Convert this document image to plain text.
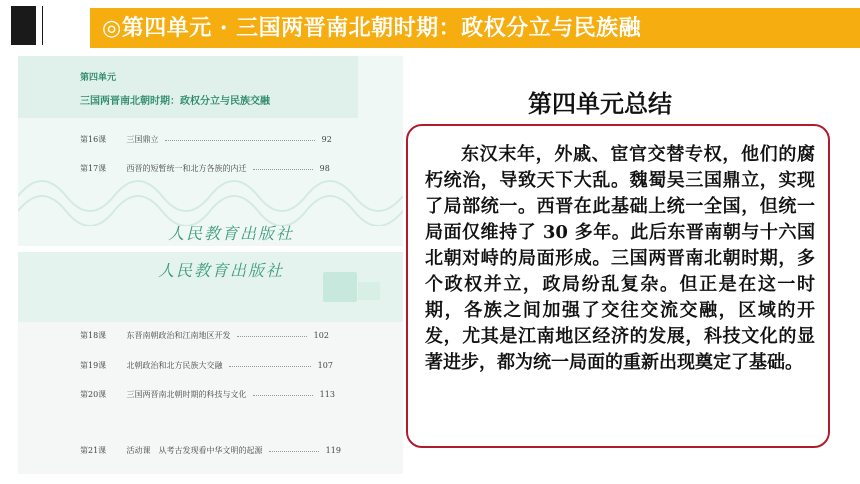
◎第四单元 · 三国两晋南北朝时期：政权分立与民族融
第四单元
三国两晋南北朝时期：政权分立与民族交融
第16课	三国鼎立	92
第17课	西晋的短暂统一和北方各族的内迁	98
人民教育出版社
人民教育出版社
第18课	东晋南朝政治和江南地区开发	102
第19课	北朝政治和北方民族大交融	107
第20课	三国两晋南北朝时期的科技与文化	113
第21课	活动课　从考古发现看中华文明的起源	119
第四单元总结
东汉末年，外戚、宦官交替专权，他们的腐朽统治，导致天下大乱。魏蜀吴三国鼎立，实现了局部统一。西晋在此基础上统一全国，但统一局面仅维持了 30 多年。此后东晋南朝与十六国北朝对峙的局面形成。三国两晋南北朝时期，多个政权并立，政局纷乱复杂。但正是在这一时期，各族之间加强了交往交流交融，区域的开发，尤其是江南地区经济的发展，科技文化的显著进步，都为统一局面的重新出现奠定了基础。
